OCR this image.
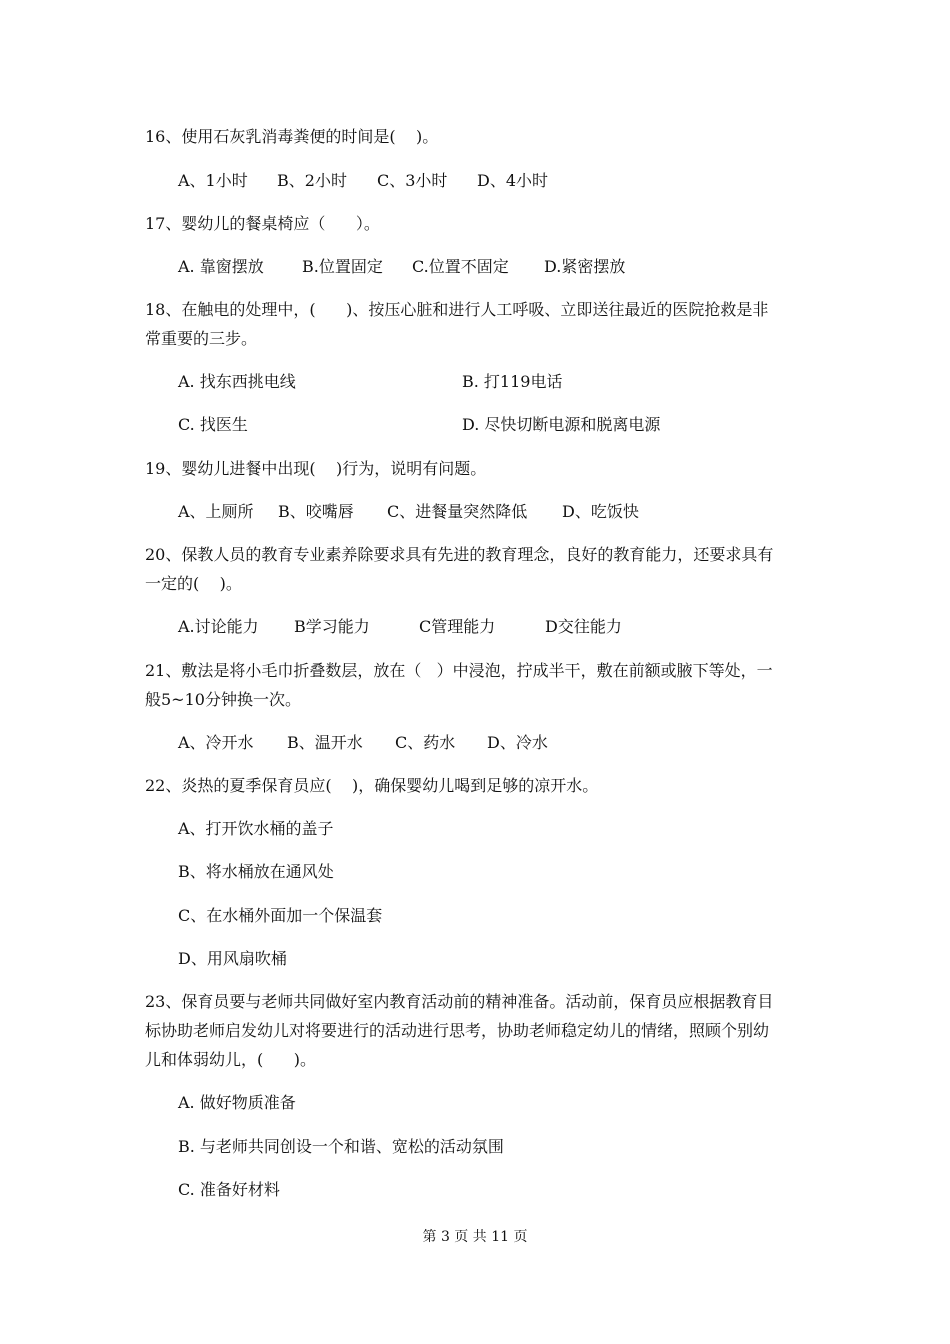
16、使用石灰乳消毒粪便的时间是(    )。

A、1小时 B、2小时 C、3小时 D、4小时

17、婴幼儿的餐桌椅应（      ）。

A. 靠窗摆放 B.位置固定 C.位置不固定 D.紧密摆放

18、在触电的处理中，(      )、按压心脏和进行人工呼吸、立即送往最近的医院抢救是非

常重要的三步。

A. 找东西挑电线	B. 打119电话

C. 找医生	D. 尽快切断电源和脱离电源

19、婴幼儿进餐中出现(    )行为，说明有问题。

A、上厕所 B、咬嘴唇 C、进餐量突然降低 D、吃饭快

20、保教人员的教育专业素养除要求具有先进的教育理念，良好的教育能力，还要求具有

一定的(    )。

A.讨论能力 B学习能力	C管理能力	D交往能力

21、敷法是将小毛巾折叠数层，放在（   ）中浸泡，拧成半干，敷在前额或腋下等处，一

般5~10分钟换一次。

A、冷开水 B、温开水 C、药水 D、冷水

22、炎热的夏季保育员应(    )，确保婴幼儿喝到足够的凉开水。

A、打开饮水桶的盖子

B、将水桶放在通风处

C、在水桶外面加一个保温套

D、用风扇吹桶

23、保育员要与老师共同做好室内教育活动前的精神准备。活动前，保育员应根据教育目

标协助老师启发幼儿对将要进行的活动进行思考，协助老师稳定幼儿的情绪，照顾个别幼

儿和体弱幼儿，(      )。

A. 做好物质准备

B. 与老师共同创设一个和谐、宽松的活动氛围

C. 准备好材料

第 3 页 共 11 页
